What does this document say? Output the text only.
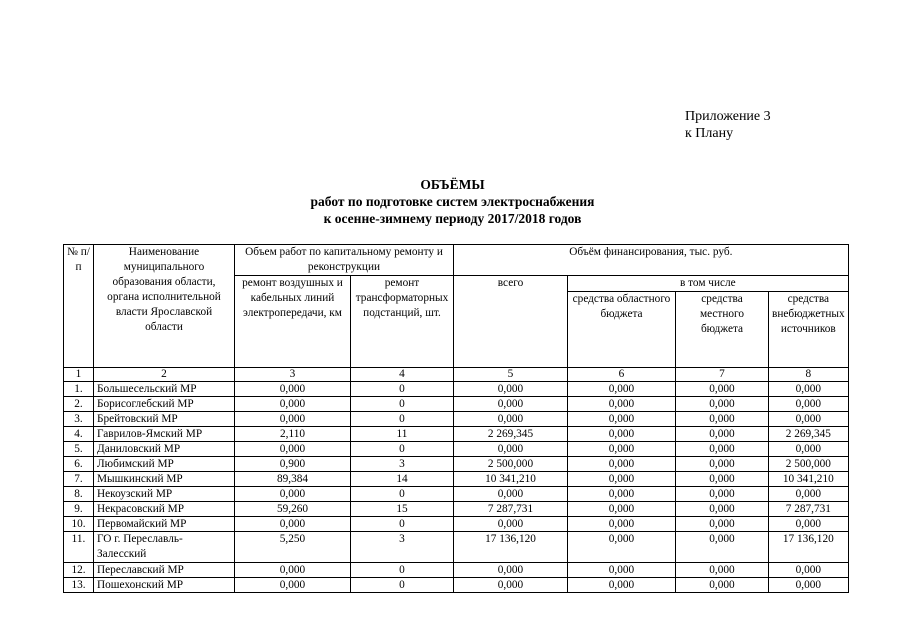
Приложение 3
к Плану
ОБЪЁМЫ
работ по подготовке систем электроснабжения
к осенне-зимнему периоду 2017/2018 годов
№ п/п	Наименование муниципального образования области, органа исполнительной власти Ярославской области	Объем работ по капитальному ремонту и реконструкции		Объём финансирования, тыс. руб.			
		ремонт воздушных и кабельных линий электропередачи, км	ремонт трансформаторных подстанций, шт.	всего	в том числе		
					средства областного бюджета	средства местного бюджета	средства внебюджетных источников
1	2	3	4	5	6	7	8
1.	Большесельский МР	0,000	0	0,000	0,000	0,000	0,000
2.	Борисоглебский МР	0,000	0	0,000	0,000	0,000	0,000
3.	Брейтовский МР	0,000	0	0,000	0,000	0,000	0,000
4.	Гаврилов-Ямский МР	2,110	11	2 269,345	0,000	0,000	2 269,345
5.	Даниловский МР	0,000	0	0,000	0,000	0,000	0,000
6.	Любимский МР	0,900	3	2 500,000	0,000	0,000	2 500,000
7.	Мышкинский МР	89,384	14	10 341,210	0,000	0,000	10 341,210
8.	Некоузский МР	0,000	0	0,000	0,000	0,000	0,000
9.	Некрасовский МР	59,260	15	7 287,731	0,000	0,000	7 287,731
10.	Первомайский МР	0,000	0	0,000	0,000	0,000	0,000
11.	ГО г. Переславль-Залесский	5,250	3	17 136,120	0,000	0,000	17 136,120
12.	Переславский МР	0,000	0	0,000	0,000	0,000	0,000
13.	Пошехонский МР	0,000	0	0,000	0,000	0,000	0,000
